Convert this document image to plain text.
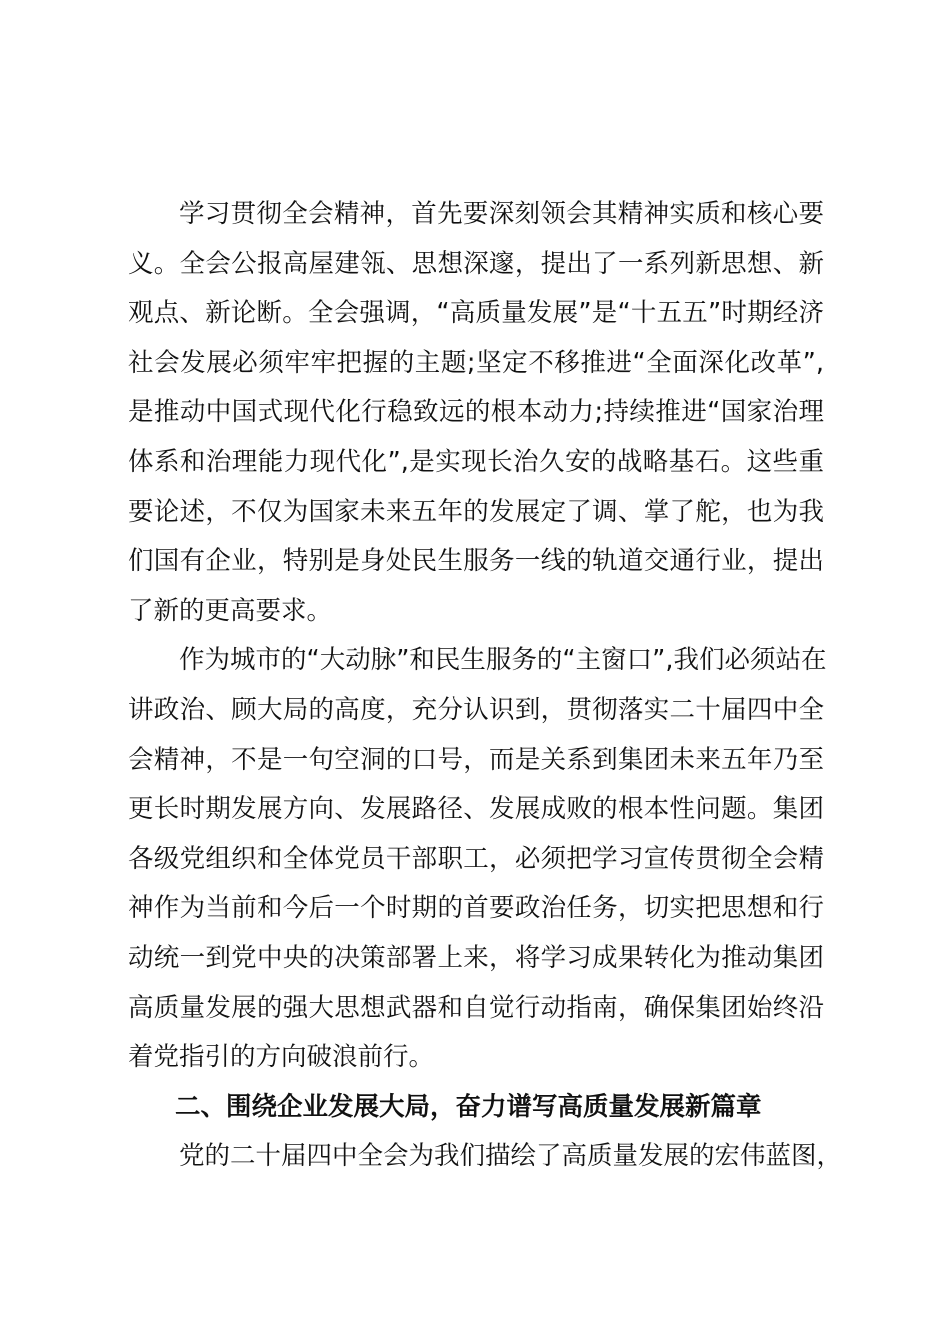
学习贯彻全会精神，首先要深刻领会其精神实质和核心要
义。全会公报高屋建瓴、思想深邃，提出了一系列新思想、新
观点、新论断。全会强调，“高质量发展”是“十五五”时期经济
社会发展必须牢牢把握的主题;坚定不移推进“全面深化改革”,
是推动中国式现代化行稳致远的根本动力;持续推进“国家治理
体系和治理能力现代化”,是实现长治久安的战略基石。这些重
要论述，不仅为国家未来五年的发展定了调、掌了舵，也为我
们国有企业，特别是身处民生服务一线的轨道交通行业，提出
了新的更高要求。
作为城市的“大动脉”和民生服务的“主窗口”,我们必须站在
讲政治、顾大局的高度，充分认识到，贯彻落实二十届四中全
会精神，不是一句空洞的口号，而是关系到集团未来五年乃至
更长时期发展方向、发展路径、发展成败的根本性问题。集团
各级党组织和全体党员干部职工，必须把学习宣传贯彻全会精
神作为当前和今后一个时期的首要政治任务，切实把思想和行
动统一到党中央的决策部署上来，将学习成果转化为推动集团
高质量发展的强大思想武器和自觉行动指南，确保集团始终沿
着党指引的方向破浪前行。
二、围绕企业发展大局，奋力谱写高质量发展新篇章
党的二十届四中全会为我们描绘了高质量发展的宏伟蓝图，
